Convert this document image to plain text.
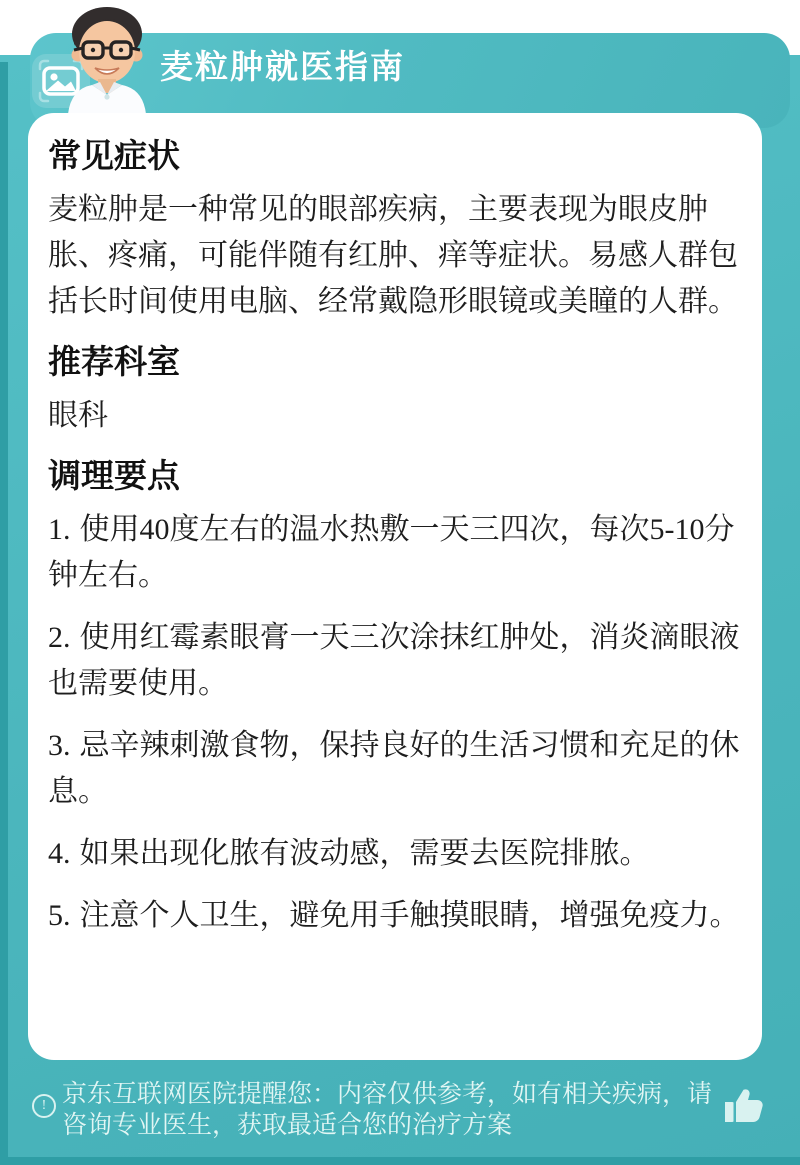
麦粒肿就医指南
常见症状

麦粒肿是一种常见的眼部疾病，主要表现为眼皮肿胀、疼痛，可能伴随有红肿、痒等症状。易感人群包括长时间使用电脑、经常戴隐形眼镜或美瞳的人群。

推荐科室

眼科

调理要点

1. 使用40度左右的温水热敷一天三四次，每次5-10分钟左右。

2. 使用红霉素眼膏一天三次涂抹红肿处，消炎滴眼液也需要使用。

3. 忌辛辣刺激食物，保持良好的生活习惯和充足的休息。

4. 如果出现化脓有波动感，需要去医院排脓。

5. 注意个人卫生，避免用手触摸眼睛，增强免疫力。

! 京东互联网医院提醒您：内容仅供参考，如有相关疾病，请咨询专业医生，获取最适合您的治疗方案
